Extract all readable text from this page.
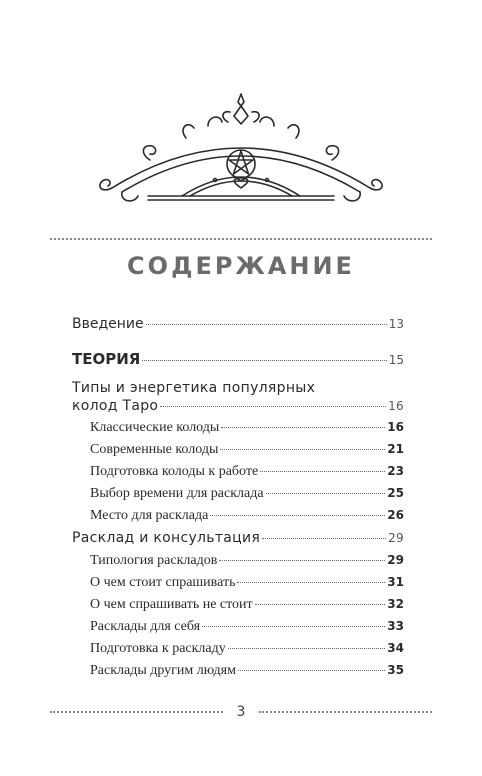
СОДЕРЖАНИЕ
Введение	13
ТЕОРИЯ	15
Типы и энергетика популярных
колод Таро	16
Классические колоды	16
Современные колоды	21
Подготовка колоды к работе	23
Выбор времени для расклада	25
Место для расклада	26
Расклад и консультация	29
Типология раскладов	29
О чем стоит спрашивать	31
О чем спрашивать не стоит	32
Расклады для себя	33
Подготовка к раскладу	34
Расклады другим людям	35
3
